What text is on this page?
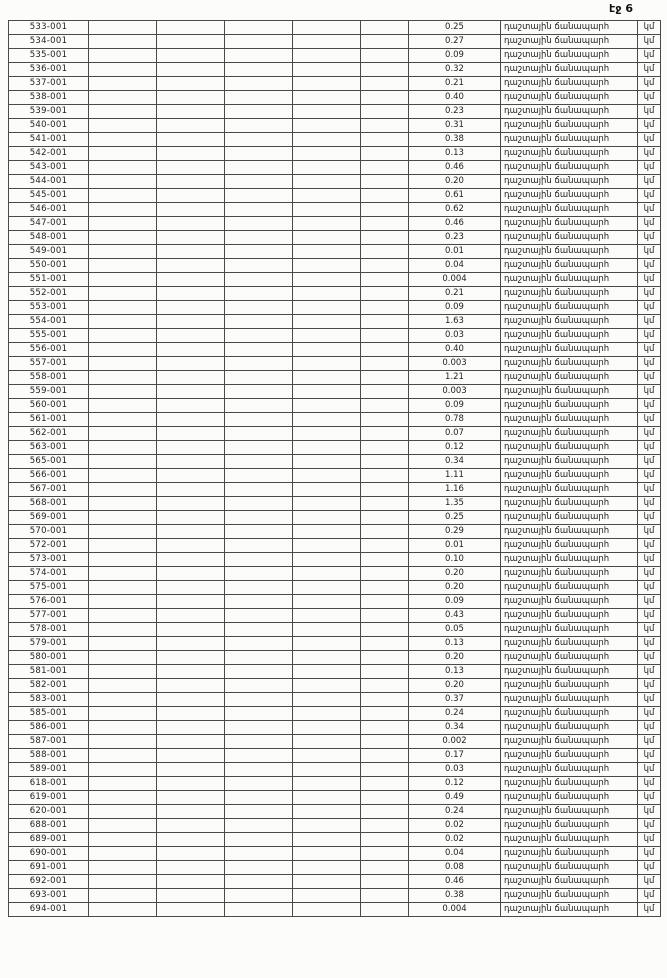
էջ 6
533-001						0.25	դաշտային ճանապարհ	կմ
534-001						0.27	դաշտային ճանապարհ	կմ
535-001						0.09	դաշտային ճանապարհ	կմ
536-001						0.32	դաշտային ճանապարհ	կմ
537-001						0.21	դաշտային ճանապարհ	կմ
538-001						0.40	դաշտային ճանապարհ	կմ
539-001						0.23	դաշտային ճանապարհ	կմ
540-001						0.31	դաշտային ճանապարհ	կմ
541-001						0.38	դաշտային ճանապարհ	կմ
542-001						0.13	դաշտային ճանապարհ	կմ
543-001						0.46	դաշտային ճանապարհ	կմ
544-001						0.20	դաշտային ճանապարհ	կմ
545-001						0.61	դաշտային ճանապարհ	կմ
546-001						0.62	դաշտային ճանապարհ	կմ
547-001						0.46	դաշտային ճանապարհ	կմ
548-001						0.23	դաշտային ճանապարհ	կմ
549-001						0.01	դաշտային ճանապարհ	կմ
550-001						0.04	դաշտային ճանապարհ	կմ
551-001						0.004	դաշտային ճանապարհ	կմ
552-001						0.21	դաշտային ճանապարհ	կմ
553-001						0.09	դաշտային ճանապարհ	կմ
554-001						1.63	դաշտային ճանապարհ	կմ
555-001						0.03	դաշտային ճանապարհ	կմ
556-001						0.40	դաշտային ճանապարհ	կմ
557-001						0.003	դաշտային ճանապարհ	կմ
558-001						1.21	դաշտային ճանապարհ	կմ
559-001						0.003	դաշտային ճանապարհ	կմ
560-001						0.09	դաշտային ճանապարհ	կմ
561-001						0.78	դաշտային ճանապարհ	կմ
562-001						0.07	դաշտային ճանապարհ	կմ
563-001						0.12	դաշտային ճանապարհ	կմ
565-001						0.34	դաշտային ճանապարհ	կմ
566-001						1.11	դաշտային ճանապարհ	կմ
567-001						1.16	դաշտային ճանապարհ	կմ
568-001						1.35	դաշտային ճանապարհ	կմ
569-001						0.25	դաշտային ճանապարհ	կմ
570-001						0.29	դաշտային ճանապարհ	կմ
572-001						0.01	դաշտային ճանապարհ	կմ
573-001						0.10	դաշտային ճանապարհ	կմ
574-001						0.20	դաշտային ճանապարհ	կմ
575-001						0.20	դաշտային ճանապարհ	կմ
576-001						0.09	դաշտային ճանապարհ	կմ
577-001						0.43	դաշտային ճանապարհ	կմ
578-001						0.05	դաշտային ճանապարհ	կմ
579-001						0.13	դաշտային ճանապարհ	կմ
580-001						0.20	դաշտային ճանապարհ	կմ
581-001						0.13	դաշտային ճանապարհ	կմ
582-001						0.20	դաշտային ճանապարհ	կմ
583-001						0.37	դաշտային ճանապարհ	կմ
585-001						0.24	դաշտային ճանապարհ	կմ
586-001						0.34	դաշտային ճանապարհ	կմ
587-001						0.002	դաշտային ճանապարհ	կմ
588-001						0.17	դաշտային ճանապարհ	կմ
589-001						0.03	դաշտային ճանապարհ	կմ
618-001						0.12	դաշտային ճանապարհ	կմ
619-001						0.49	դաշտային ճանապարհ	կմ
620-001						0.24	դաշտային ճանապարհ	կմ
688-001						0.02	դաշտային ճանապարհ	կմ
689-001						0.02	դաշտային ճանապարհ	կմ
690-001						0.04	դաշտային ճանապարհ	կմ
691-001						0.08	դաշտային ճանապարհ	կմ
692-001						0.46	դաշտային ճանապարհ	կմ
693-001						0.38	դաշտային ճանապարհ	կմ
694-001						0.004	դաշտային ճանապարհ	կմ
